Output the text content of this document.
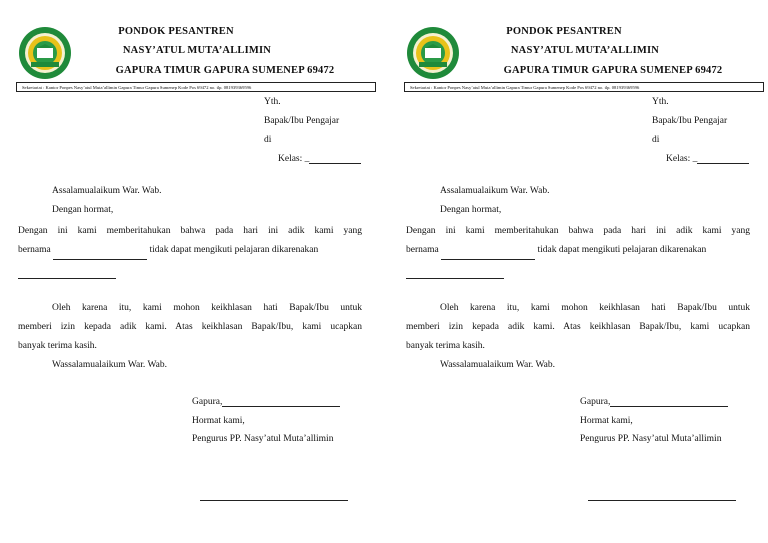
PONDOK PESANTREN
NASY’ATUL MUTA’ALLIMIN
GAPURA TIMUR GAPURA SUMENEP 69472
Sekretariat : Kantor Ponpes Nasy’atul Muta’allimin Gapura Timur Gapura Sumenep Kode Pos 69472 no. tlp. 081939369596
Yth.
Bapak/Ibu Pengajar
di
Kelas: _
Assalamualaikum War. Wab.
Dengan hormat,
Dengan ini kami memberitahukan bahwa pada hari ini adik kami yang
bernama	tidak dapat mengikuti pelajaran dikarenakan
Oleh karena itu, kami mohon keikhlasan hati Bapak/Ibu untuk
memberi izin kepada adik kami. Atas keikhlasan Bapak/Ibu, kami ucapkan
banyak terima kasih.
Wassalamualaikum War. Wab.
Gapura,
Hormat kami,
Pengurus PP. Nasy’atul Muta’allimin
PONDOK PESANTREN
NASY’ATUL MUTA’ALLIMIN
GAPURA TIMUR GAPURA SUMENEP 69472
Sekretariat : Kantor Ponpes Nasy’atul Muta’allimin Gapura Timur Gapura Sumenep Kode Pos 69472 no. tlp. 081939369596
Yth.
Bapak/Ibu Pengajar
di
Kelas: _
Assalamualaikum War. Wab.
Dengan hormat,
Dengan ini kami memberitahukan bahwa pada hari ini adik kami yang
bernama	tidak dapat mengikuti pelajaran dikarenakan
Oleh karena itu, kami mohon keikhlasan hati Bapak/Ibu untuk
memberi izin kepada adik kami. Atas keikhlasan Bapak/Ibu, kami ucapkan
banyak terima kasih.
Wassalamualaikum War. Wab.
Gapura,
Hormat kami,
Pengurus PP. Nasy’atul Muta’allimin
